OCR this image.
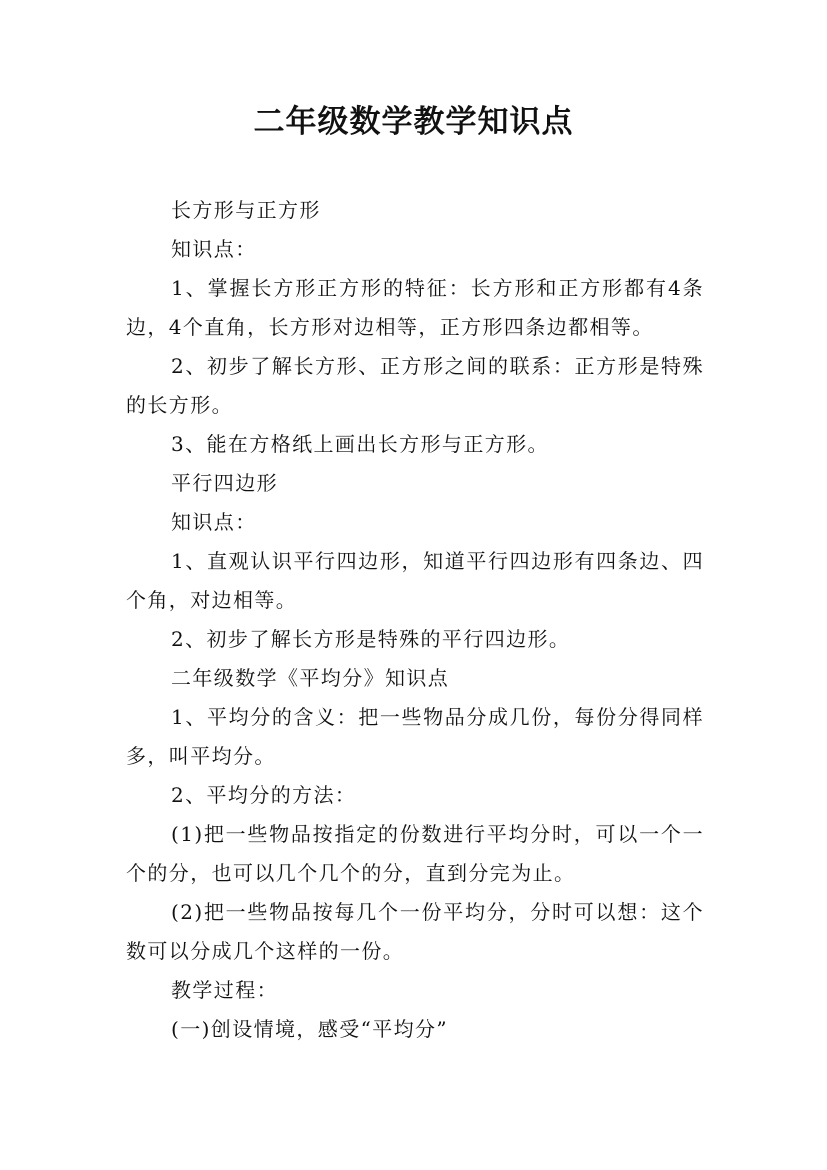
二年级数学教学知识点

长方形与正方形

知识点：

1、掌握长方形正方形的特征：长方形和正方形都有4条边，4个直角，长方形对边相等，正方形四条边都相等。

2、初步了解长方形、正方形之间的联系：正方形是特殊的长方形。

3、能在方格纸上画出长方形与正方形。

平行四边形

知识点：

1、直观认识平行四边形，知道平行四边形有四条边、四个角，对边相等。

2、初步了解长方形是特殊的平行四边形。

二年级数学《平均分》知识点

1、平均分的含义：把一些物品分成几份，每份分得同样多，叫平均分。

2、平均分的方法：

(1)把一些物品按指定的份数进行平均分时，可以一个一个的分，也可以几个几个的分，直到分完为止。

(2)把一些物品按每几个一份平均分，分时可以想：这个数可以分成几个这样的一份。

教学过程：

(一)创设情境，感受“平均分”
